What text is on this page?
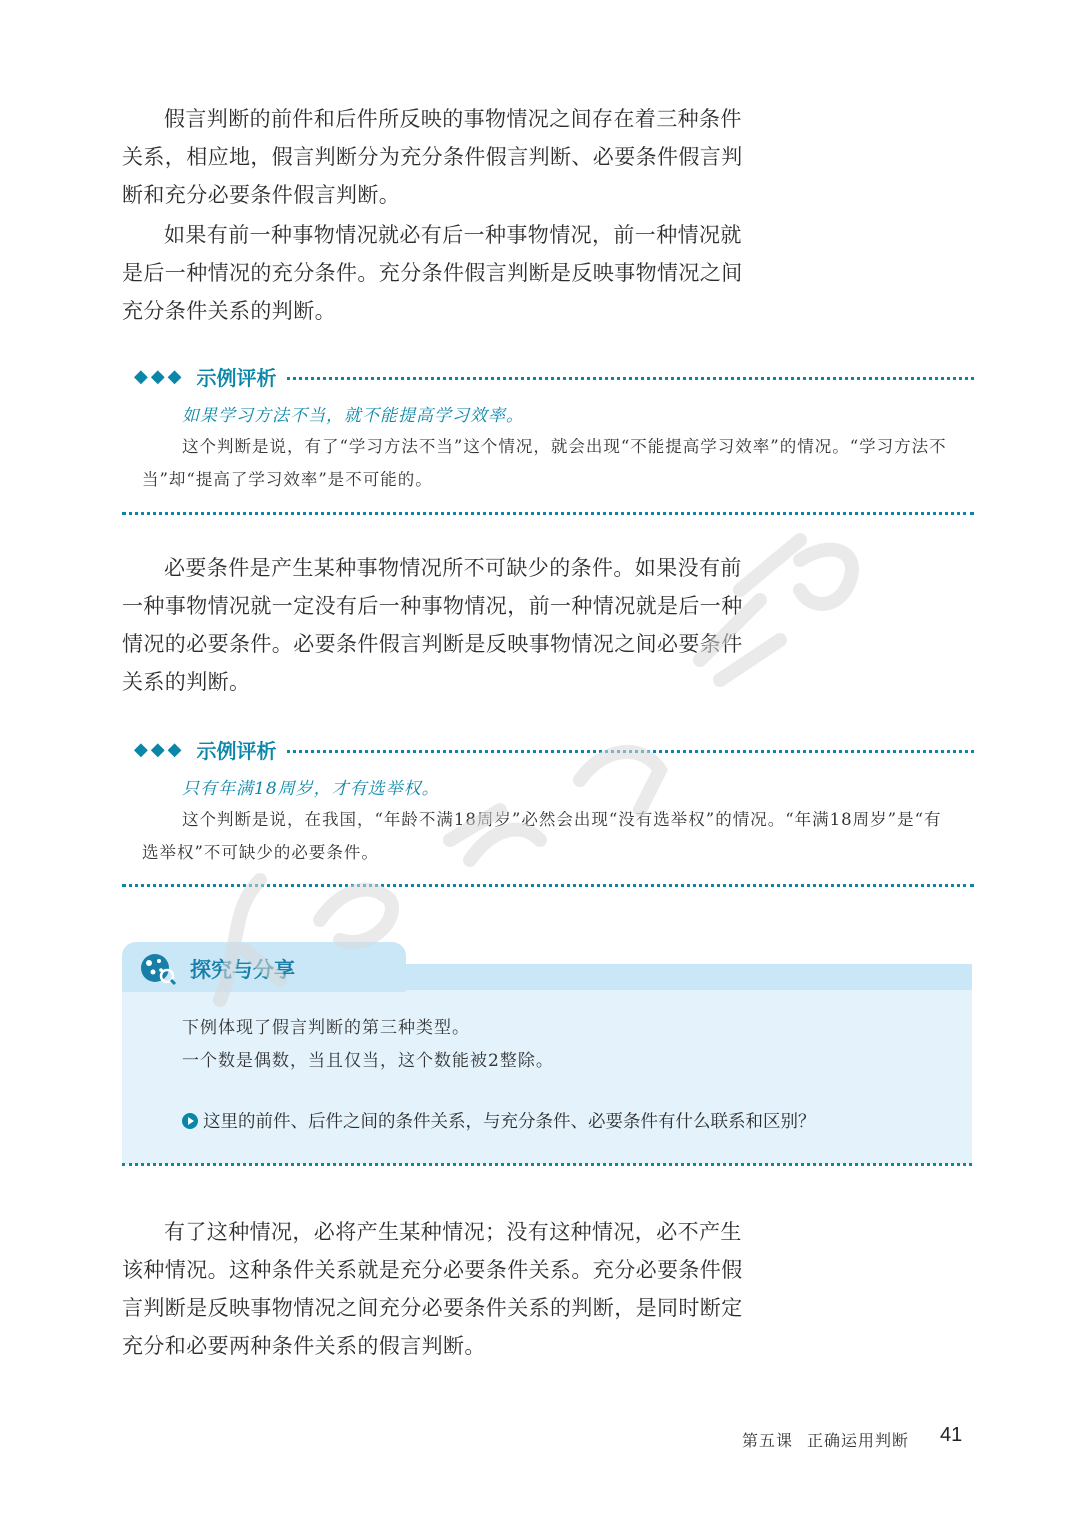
假言判断的前件和后件所反映的事物情况之间存在着三种条件关系，相应地，假言判断分为充分条件假言判断、必要条件假言判断和充分必要条件假言判断。

如果有前一种事物情况就必有后一种事物情况，前一种情况就是后一种情况的充分条件。充分条件假言判断是反映事物情况之间充分条件关系的判断。

◆◆◆ 示例评析
如果学习方法不当，就不能提高学习效率。

这个判断是说，有了“学习方法不当”这个情况，就会出现“不能提高学习效率”的情况。“学习方法不当”却“提高了学习效率”是不可能的。

必要条件是产生某种事物情况所不可缺少的条件。如果没有前一种事物情况就一定没有后一种事物情况，前一种情况就是后一种情况的必要条件。必要条件假言判断是反映事物情况之间必要条件关系的判断。

◆◆◆ 示例评析
只有年满18周岁，才有选举权。

这个判断是说，在我国，“年龄不满18周岁”必然会出现“没有选举权”的情况。“年满18周岁”是“有选举权”不可缺少的必要条件。

探究与分享
下例体现了假言判断的第三种类型。
一个数是偶数，当且仅当，这个数能被2整除。
这里的前件、后件之间的条件关系，与充分条件、必要条件有什么联系和区别？

有了这种情况，必将产生某种情况；没有这种情况，必不产生该种情况。这种条件关系就是充分必要条件关系。充分必要条件假言判断是反映事物情况之间充分必要条件关系的判断，是同时断定充分和必要两种条件关系的假言判断。

第五课 正确运用判断 41
